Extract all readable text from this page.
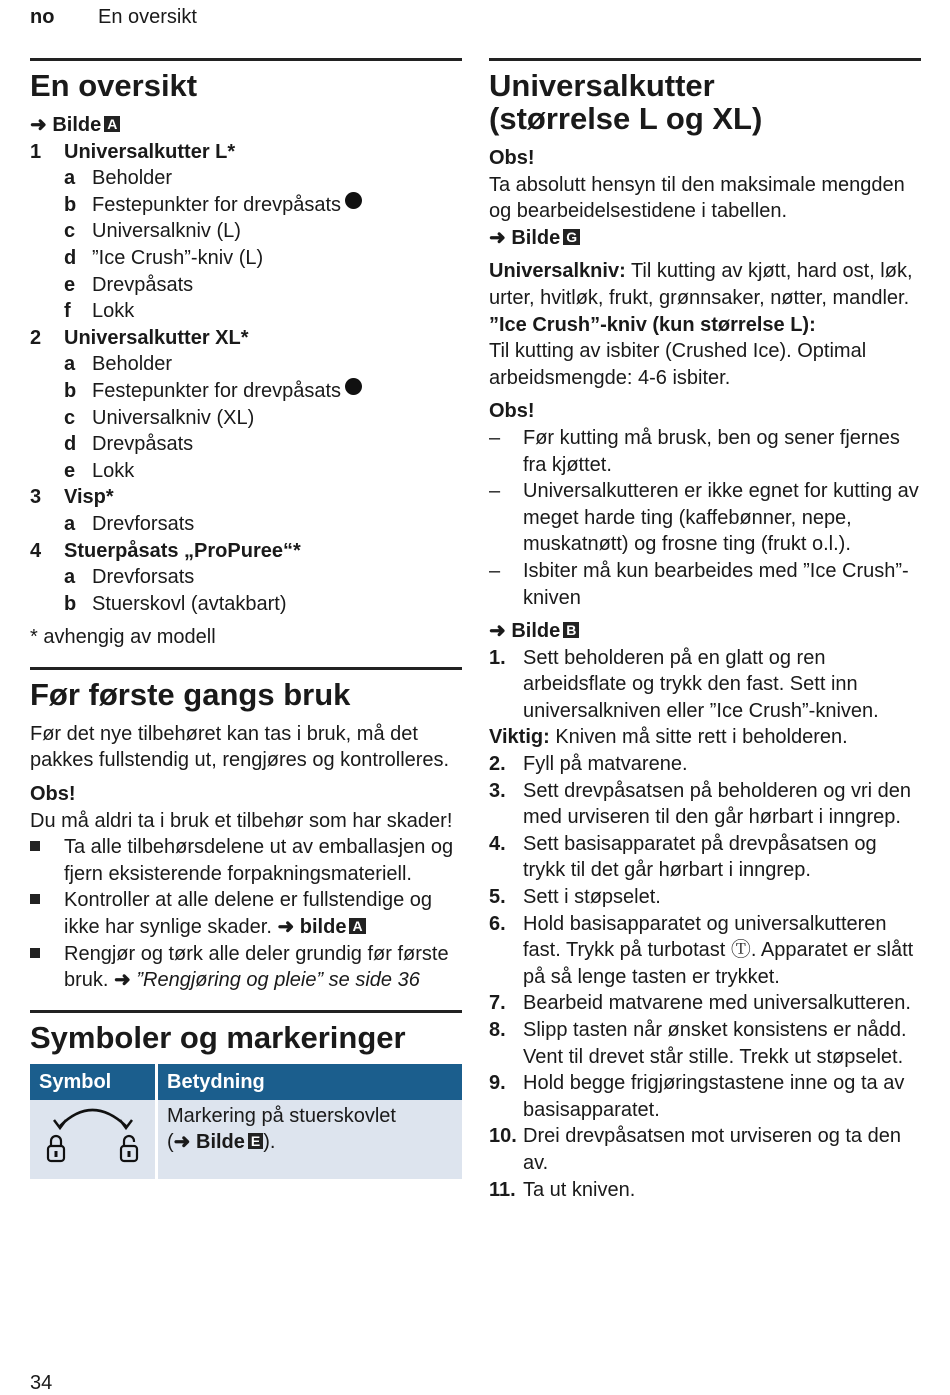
no En oversikt
En oversikt
➜ Bilde A
1	Universalkutter L*
a Beholder
b Festepunkter for drevpåsats
c Universalkniv (L)
d ”Ice Crush”-kniv (L)
e Drevpåsats
f	Lokk
2	Universalkutter XL*
a Beholder
b Festepunkter for drevpåsats
c Universalkniv (XL)
d Drevpåsats
e Lokk
3	Visp*
a Drevforsats
4	Stuerpåsats „ProPuree“*
a Drevforsats
b Stuerskovl (avtakbart)
* avhengig av modell
Før første gangs bruk
Før det nye tilbehøret kan tas i bruk, må det pakkes fullstendig ut, rengjøres og kontrolleres.
Obs!
Du må aldri ta i bruk et tilbehør som har skader!
Ta alle tilbehørsdelene ut av emballasjen og fjern eksisterende forpakningsmateriell.
Kontroller at alle delene er fullstendige og ikke har synlige skader. ➜ bilde A
Rengjør og tørk alle deler grundig før første bruk. ➜ ”Rengjøring og pleie” se side 36
Symboler og markeringer
Symbol	Betydning
	Markering på stuerskovlet
(➜ Bilde E ).
Universalkutter (størrelse L og XL)
Obs!
Ta absolutt hensyn til den maksimale mengden og bearbeidelsestidene i tabellen.
➜ Bilde G
Universalkniv: Til kutting av kjøtt, hard ost, løk, urter, hvitløk, frukt, grønnsaker, nøtter, mandler.
”Ice Crush”-kniv (kun størrelse L):
Til kutting av isbiter (Crushed Ice). Optimal arbeidsmengde: 4-6 isbiter.
Obs!
–	Før kutting må brusk, ben og sener fjernes fra kjøttet.
–	Universalkutteren er ikke egnet for kutting av meget harde ting (kaffebønner, nepe, muskatnøtt) og frosne ting (frukt o.l.).
–	Isbiter må kun bearbeides med ”Ice Crush”-kniven
➜ Bilde B
1. Sett beholderen på en glatt og ren arbeidsflate og trykk den fast. Sett inn universalkniven eller ”Ice Crush”-kniven.
Viktig: Kniven må sitte rett i beholderen.
2. Fyll på matvarene.
3. Sett drevpåsatsen på beholderen og vri den med urviseren til den går hørbart i inngrep.
4. Sett basisapparatet på drevpåsatsen og trykk til det går hørbart i inngrep.
5. Sett i støpselet.
6. Hold basisapparatet og universalkutteren fast. Trykk på turbotast Ⓣ. Apparatet er slått på så lenge tasten er trykket.
7. Bearbeid matvarene med universalkutteren.
8. Slipp tasten når ønsket konsistens er nådd. Vent til drevet står stille. Trekk ut støpselet.
9. Hold begge frigjøringstastene inne og ta av basisapparatet.
10. Drei drevpåsatsen mot urviseren og ta den av.
11. Ta ut kniven.
34
